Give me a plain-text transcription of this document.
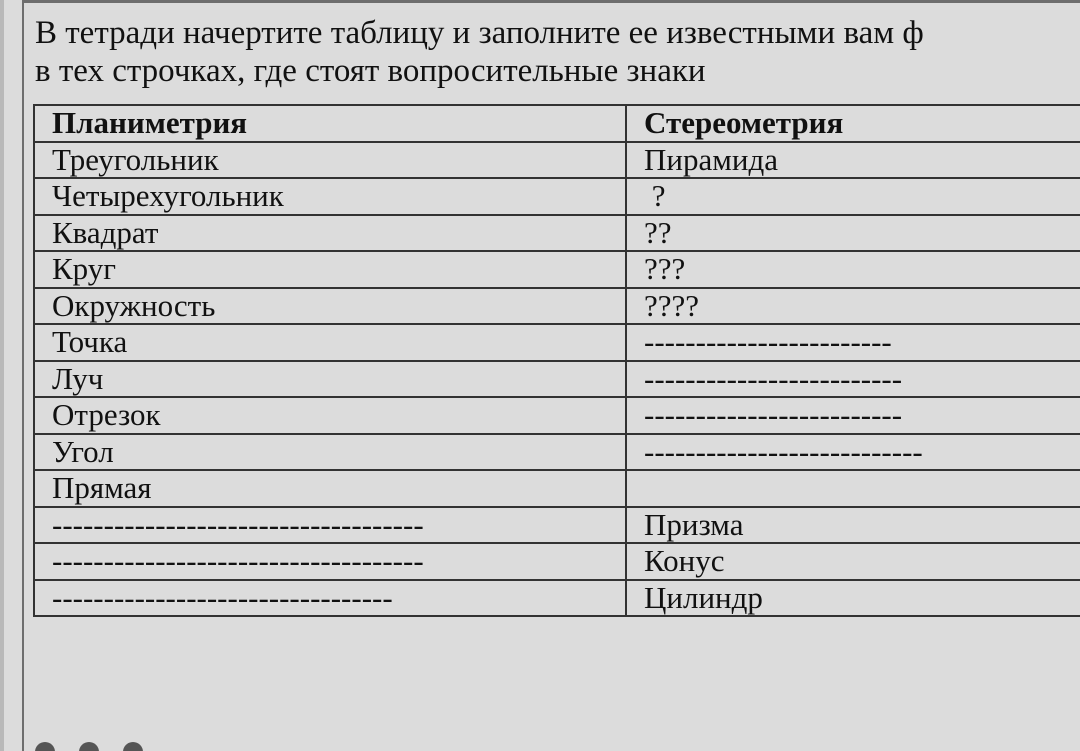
В тетради начертите таблицу и заполните ее известными вам ф
в тех строчках, где стоят вопросительные знаки
Планиметрия	Стереометрия
Треугольник	Пирамида
Четырехугольник	?
Квадрат	??
Круг	???
Окружность	????
Точка	------------------------
Луч	-------------------------
Отрезок	-------------------------
Угол	---------------------------
Прямая	
------------------------------------	Призма
------------------------------------	Конус
---------------------------------	Цилиндр
